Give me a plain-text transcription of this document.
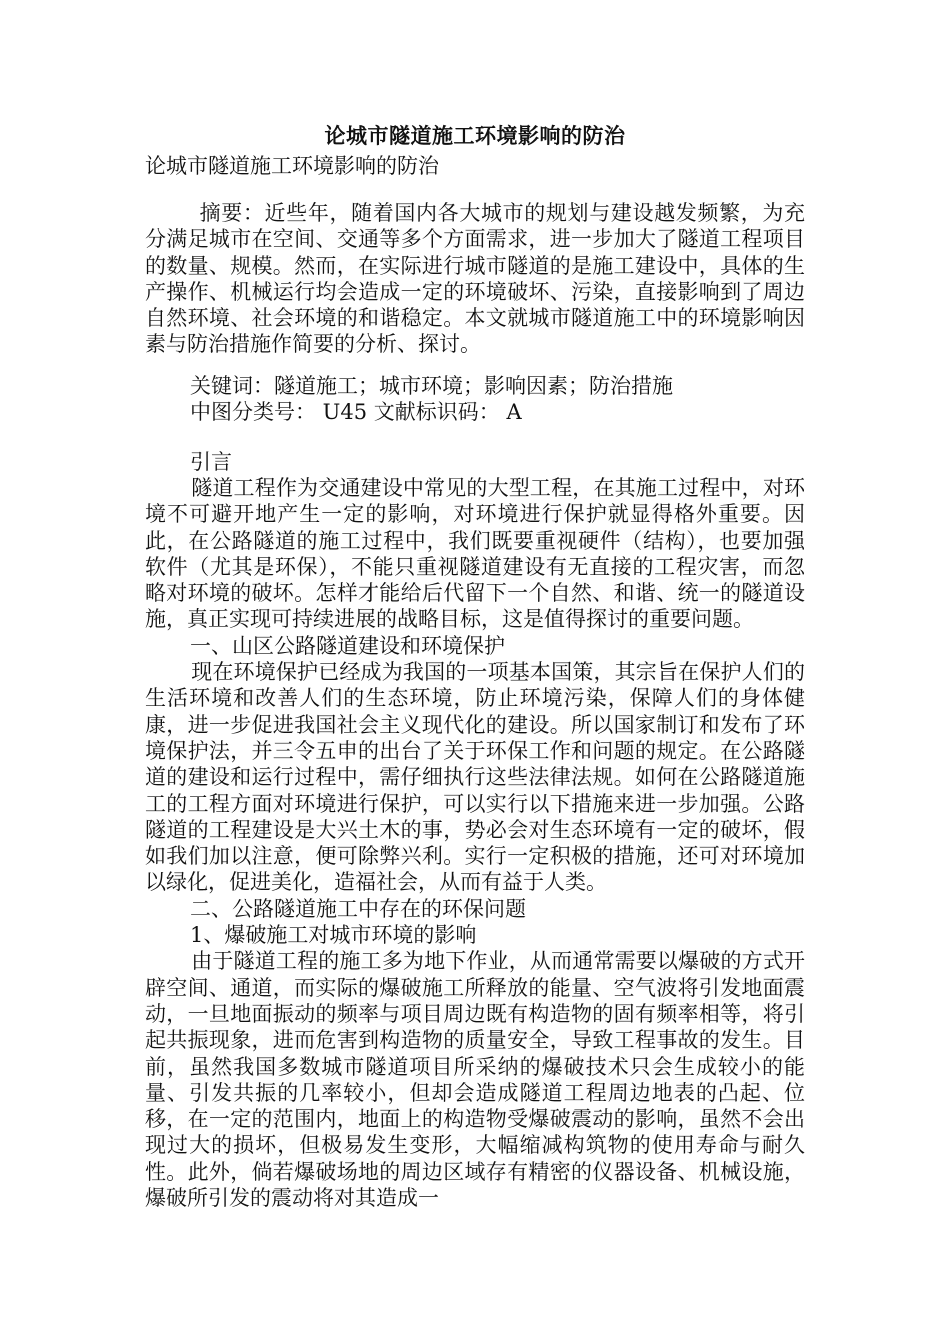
论城市隧道施工环境影响的防治
论城市隧道施工环境影响的防治
摘要：近些年，随着国内各大城市的规划与建设越发频繁，为充分满足城市在空间、交通等多个方面需求，进一步加大了隧道工程项目的数量、规模。然而，在实际进行城市隧道的是施工建设中，具体的生产操作、机械运行均会造成一定的环境破坏、污染，直接影响到了周边自然环境、社会环境的和谐稳定。本文就城市隧道施工中的环境影响因素与防治措施作简要的分析、探讨。
关键词：隧道施工；城市环境；影响因素；防治措施
中图分类号： U45 文献标识码： A
引言

隧道工程作为交通建设中常见的大型工程，在其施工过程中，对环境不可避开地产生一定的影响，对环境进行保护就显得格外重要。因此，在公路隧道的施工过程中，我们既要重视硬件（结构），也要加强软件（尤其是环保），不能只重视隧道建设有无直接的工程灾害，而忽略对环境的破坏。怎样才能给后代留下一个自然、和谐、统一的隧道设施，真正实现可持续进展的战略目标，这是值得探讨的重要问题。

一、山区公路隧道建设和环境保护

现在环境保护已经成为我国的一项基本国策，其宗旨在保护人们的生活环境和改善人们的生态环境，防止环境污染，保障人们的身体健康，进一步促进我国社会主义现代化的建设。所以国家制订和发布了环境保护法，并三令五申的出台了关于环保工作和问题的规定。在公路隧道的建设和运行过程中，需仔细执行这些法律法规。如何在公路隧道施工的工程方面对环境进行保护，可以实行以下措施来进一步加强。公路隧道的工程建设是大兴土木的事，势必会对生态环境有一定的破坏，假如我们加以注意，便可除弊兴利。实行一定积极的措施，还可对环境加以绿化，促进美化，造福社会，从而有益于人类。

二、公路隧道施工中存在的环保问题

1、爆破施工对城市环境的影响

由于隧道工程的施工多为地下作业，从而通常需要以爆破的方式开辟空间、通道，而实际的爆破施工所释放的能量、空气波将引发地面震动，一旦地面振动的频率与项目周边既有构造物的固有频率相等，将引起共振现象，进而危害到构造物的质量安全，导致工程事故的发生。目前，虽然我国多数城市隧道项目所采纳的爆破技术只会生成较小的能量、引发共振的几率较小，但却会造成隧道工程周边地表的凸起、位移，在一定的范围内，地面上的构造物受爆破震动的影响，虽然不会出现过大的损坏，但极易发生变形，大幅缩减构筑物的使用寿命与耐久性。此外，倘若爆破场地的周边区域存有精密的仪器设备、机械设施，爆破所引发的震动将对其造成一
